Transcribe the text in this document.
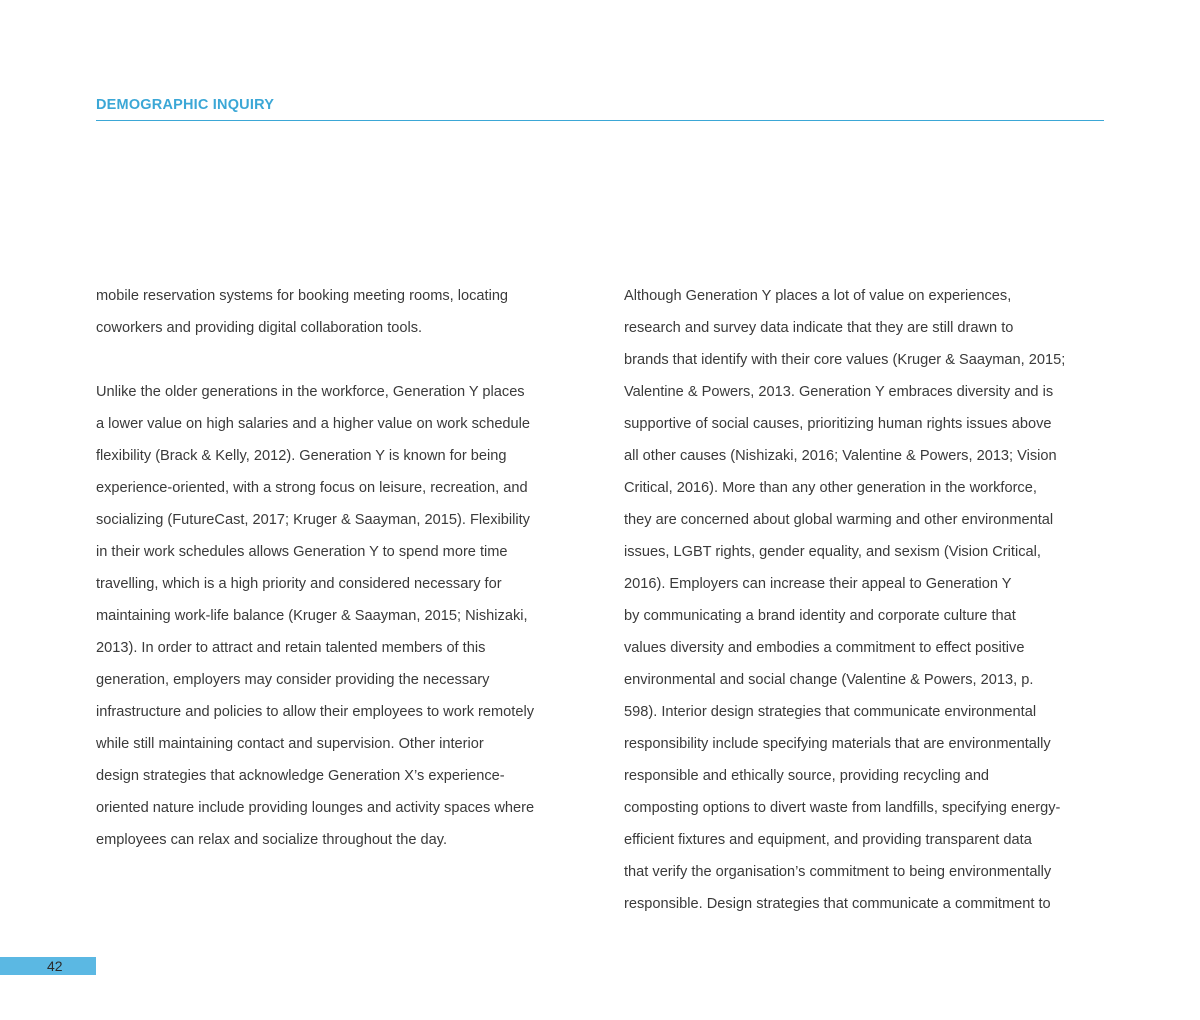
DEMOGRAPHIC INQUIRY
mobile reservation systems for booking meeting rooms, locating
coworkers and providing digital collaboration tools.
Unlike the older generations in the workforce, Generation Y places
a lower value on high salaries and a higher value on work schedule
flexibility (Brack & Kelly, 2012). Generation Y is known for being
experience-oriented, with a strong focus on leisure, recreation, and
socializing (FutureCast, 2017; Kruger & Saayman, 2015). Flexibility
in their work schedules allows Generation Y to spend more time
travelling, which is a high priority and considered necessary for
maintaining work-life balance (Kruger & Saayman, 2015; Nishizaki,
2013). In order to attract and retain talented members of this
generation, employers may consider providing the necessary
infrastructure and policies to allow their employees to work remotely
while still maintaining contact and supervision. Other interior
design strategies that acknowledge Generation X’s experience-
oriented nature include providing lounges and activity spaces where
employees can relax and socialize throughout the day.
Although Generation Y places a lot of value on experiences,
research and survey data indicate that they are still drawn to
brands that identify with their core values (Kruger & Saayman, 2015;
Valentine & Powers, 2013. Generation Y embraces diversity and is
supportive of social causes, prioritizing human rights issues above
all other causes (Nishizaki, 2016; Valentine & Powers, 2013; Vision
Critical, 2016). More than any other generation in the workforce,
they are concerned about global warming and other environmental
issues, LGBT rights, gender equality, and sexism (Vision Critical,
2016). Employers can increase their appeal to Generation Y
by communicating a brand identity and corporate culture that
values diversity and embodies a commitment to effect positive
environmental and social change (Valentine & Powers, 2013, p.
598). Interior design strategies that communicate environmental
responsibility include specifying materials that are environmentally
responsible and ethically source, providing recycling and
composting options to divert waste from landfills, specifying energy-
efficient fixtures and equipment, and providing transparent data
that verify the organisation’s commitment to being environmentally
responsible. Design strategies that communicate a commitment to
42
